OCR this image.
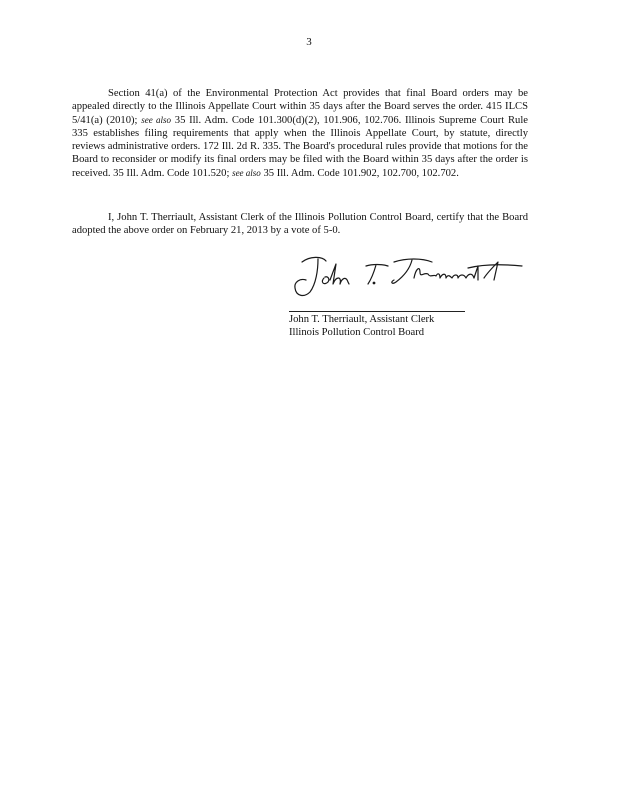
3

Section 41(a) of the Environmental Protection Act provides that final Board orders may be appealed directly to the Illinois Appellate Court within 35 days after the Board serves the order. 415 ILCS 5/41(a) (2010); see also 35 Ill. Adm. Code 101.300(d)(2), 101.906, 102.706. Illinois Supreme Court Rule 335 establishes filing requirements that apply when the Illinois Appellate Court, by statute, directly reviews administrative orders. 172 Ill. 2d R. 335. The Board's procedural rules provide that motions for the Board to reconsider or modify its final orders may be filed with the Board within 35 days after the order is received. 35 Ill. Adm. Code 101.520; see also 35 Ill. Adm. Code 101.902, 102.700, 102.702.

I, John T. Therriault, Assistant Clerk of the Illinois Pollution Control Board, certify that the Board adopted the above order on February 21, 2013 by a vote of 5-0.

John T. Therriault, Assistant Clerk
Illinois Pollution Control Board
